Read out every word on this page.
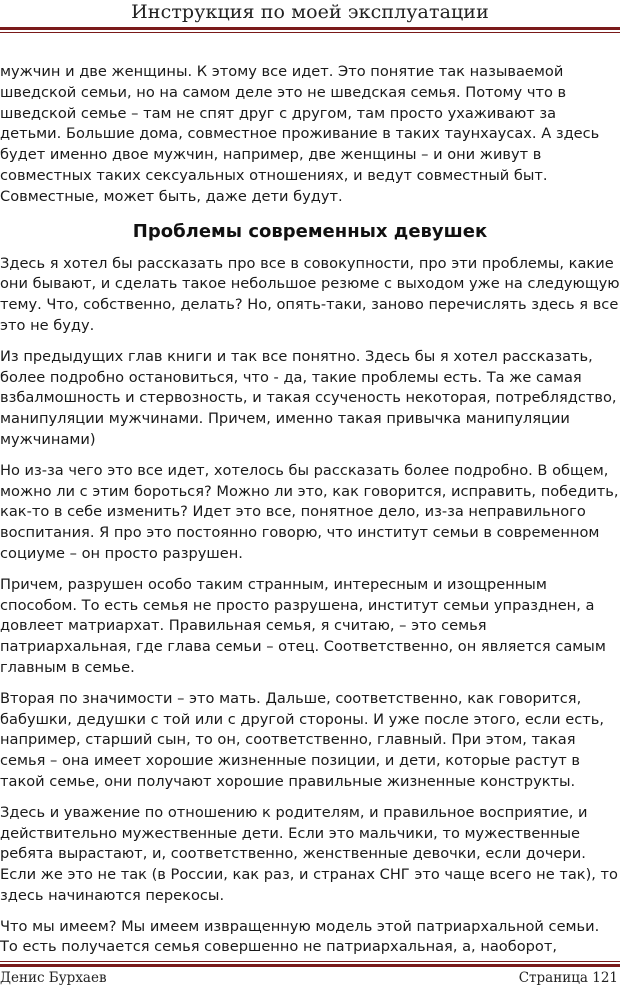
Инструкция по моей эксплуатации

мужчин и две женщины. К этому все идет. Это понятие так называемой шведской семьи, но на самом деле это не шведская семья. Потому что в шведской семье – там не спят друг с другом, там просто ухаживают за детьми. Большие дома, совместное проживание в таких таунхаусах. А здесь будет именно двое мужчин, например, две женщины – и они живут в совместных таких сексуальных отношениях, и ведут совместный быт. Совместные, может быть, даже дети будут.

Проблемы современных девушек

Здесь я хотел бы рассказать про все в совокупности, про эти проблемы, какие они бывают, и сделать такое небольшое резюме с выходом уже на следующую тему. Что, собственно, делать? Но, опять-таки, заново перечислять здесь я все это не буду.

Из предыдущих глав книги и так все понятно. Здесь бы я хотел рассказать, более подробно остановиться, что - да, такие проблемы есть. Та же самая взбалмошность и стервозность, и такая ссученость некоторая, потреблядство, манипуляции мужчинами. Причем, именно такая привычка манипуляции мужчинами)

Но из-за чего это все идет, хотелось бы рассказать более подробно. В общем, можно ли с этим бороться? Можно ли это, как говорится, исправить, победить, как-то в себе изменить? Идет это все, понятное дело, из-за неправильного воспитания. Я про это постоянно говорю, что институт семьи в современном социуме – он просто разрушен.

Причем, разрушен особо таким странным, интересным и изощренным способом. То есть семья не просто разрушена, институт семьи упразднен, а довлеет матриархат. Правильная семья, я считаю, – это семья патриархальная, где глава семьи – отец. Соответственно, он является самым главным в семье.

Вторая по значимости – это мать. Дальше, соответственно, как говорится, бабушки, дедушки с той или с другой стороны. И уже после этого, если есть, например, старший сын, то он, соответственно, главный. При этом, такая семья – она имеет хорошие жизненные позиции, и дети, которые растут в такой семье, они получают хорошие правильные жизненные конструкты.

Здесь и уважение по отношению к родителям, и правильное восприятие, и действительно мужественные дети. Если это мальчики, то мужественные ребята вырастают, и, соответственно, женственные девочки, если дочери. Если же это не так (в России, как раз, и странах СНГ это чаще всего не так), то здесь начинаются перекосы.

Что мы имеем? Мы имеем извращенную модель этой патриархальной семьи. То есть получается семья совершенно не патриархальная, а, наоборот,

Денис Бурхаев	Страница 121
